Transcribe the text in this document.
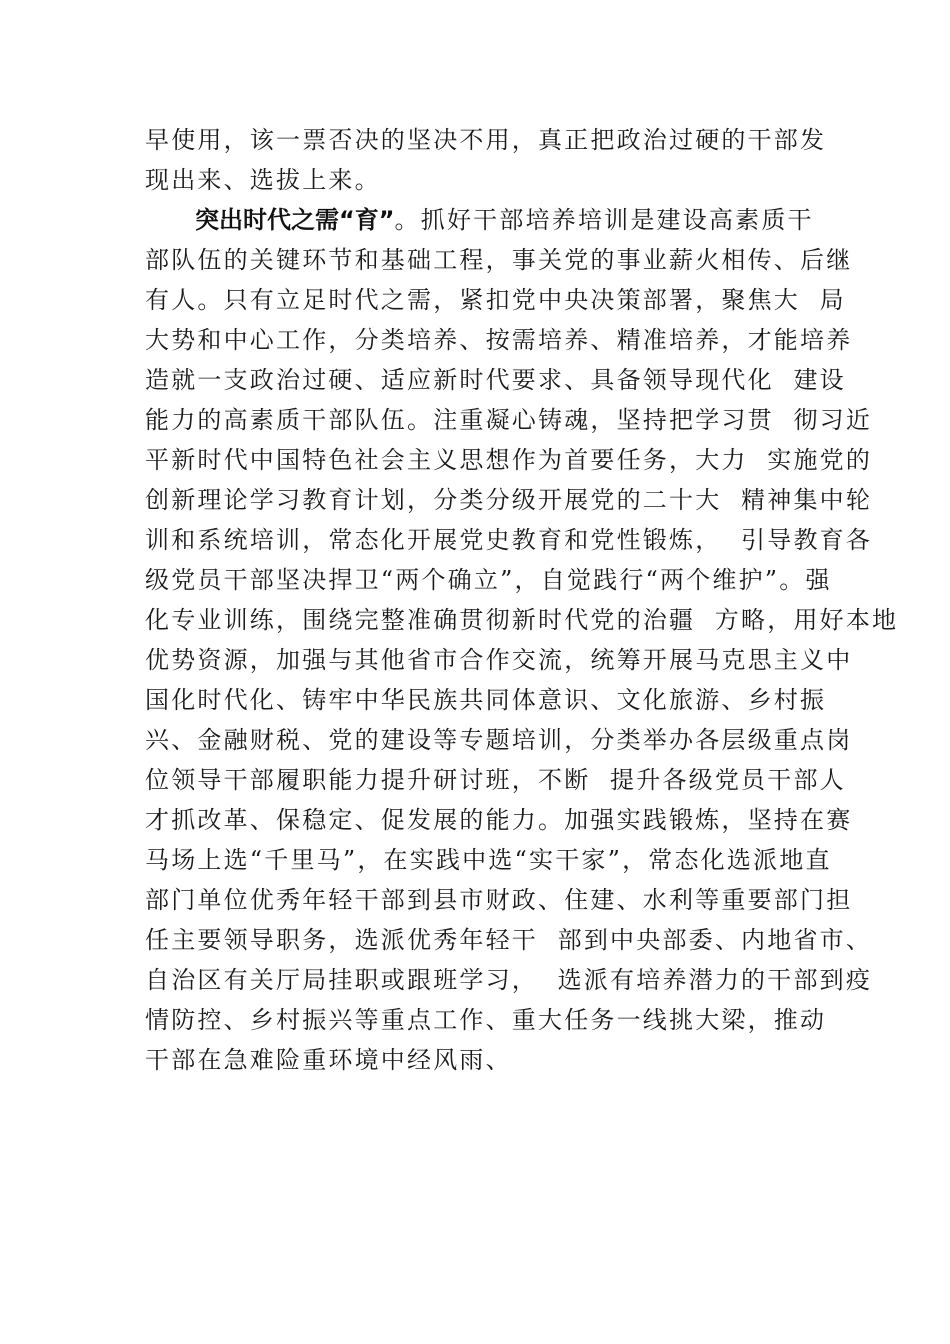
早使用，该一票否决的坚决不用，真正把政治过硬的干部发
现出来、选拔上来。
突出时代之需“育”。抓好干部培养培训是建设高素质干
部队伍的关键环节和基础工程，事关党的事业薪火相传、后继
有人。只有立足时代之需，紧扣党中央决策部署，聚焦大  局
大势和中心工作，分类培养、按需培养、精准培养，才能培养
造就一支政治过硬、适应新时代要求、具备领导现代化  建设
能力的高素质干部队伍。注重凝心铸魂，坚持把学习贯  彻习近
平新时代中国特色社会主义思想作为首要任务，大力  实施党的
创新理论学习教育计划，分类分级开展党的二十大  精神集中轮
训和系统培训，常态化开展党史教育和党性锻炼，  引导教育各
级党员干部坚决捍卫“两个确立”，自觉践行“两个维护”。强
化专业训练，围绕完整准确贯彻新时代党的治疆  方略，用好本地
优势资源，加强与其他省市合作交流，统筹开展马克思主义中
国化时代化、铸牢中华民族共同体意识、文化旅游、乡村振
兴、金融财税、党的建设等专题培训，分类举办各层级重点岗
位领导干部履职能力提升研讨班，不断  提升各级党员干部人
才抓改革、保稳定、促发展的能力。加强实践锻炼，坚持在赛
马场上选“千里马”，在实践中选“实干家”，常态化选派地直
部门单位优秀年轻干部到县市财政、住建、水利等重要部门担
任主要领导职务，选派优秀年轻干  部到中央部委、内地省市、
自治区有关厅局挂职或跟班学习，  选派有培养潜力的干部到疫
情防控、乡村振兴等重点工作、重大任务一线挑大梁，推动
干部在急难险重环境中经风雨、
